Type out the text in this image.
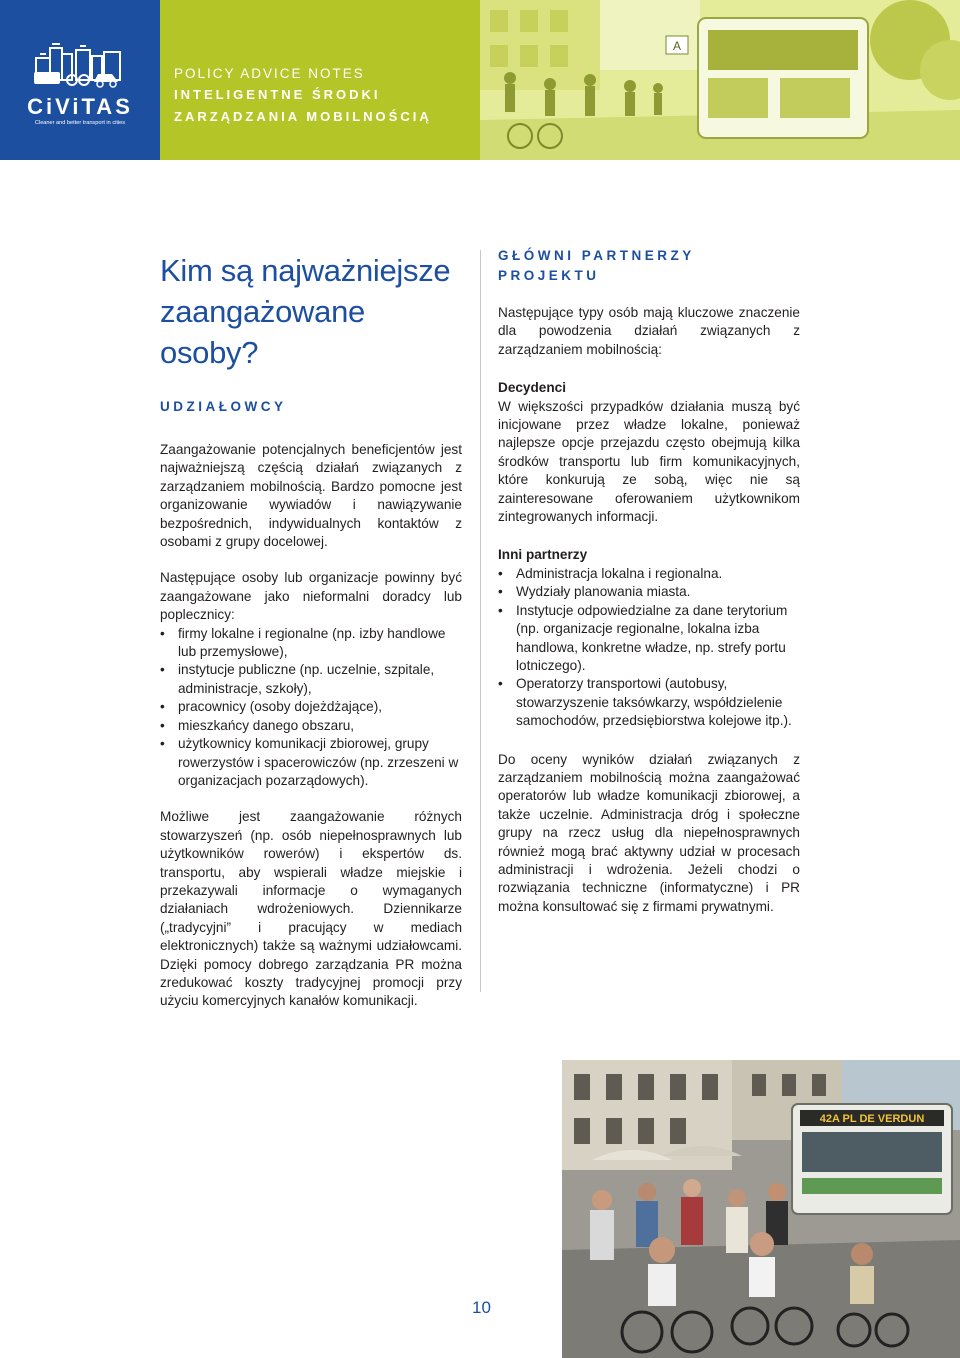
CiViTAS
Cleaner and better transport in cities
POLICY ADVICE NOTES
INTELIGENTNE ŚRODKI
ZARZĄDZANIA MOBILNOŚCIĄ
A
Kim są najważniejsze
zaangażowane
osoby?
UDZIAŁOWCY

Zaangażowanie potencjalnych beneficjentów jest najważniejszą częścią działań związanych z zarządzaniem mobilnością. Bardzo pomocne jest organizowanie wywiadów i nawiązywanie bezpośrednich, indywidualnych kontaktów z osobami z grupy docelowej.

Następujące osoby lub organizacje powinny być zaangażowane jako nieformalni doradcy lub poplecznicy:

• firmy lokalne i regionalne (np. izby handlowe lub przemysłowe),
• instytucje publiczne (np. uczelnie, szpitale, administracje, szkoły),
• pracownicy (osoby dojeżdżające),
• mieszkańcy danego obszaru,
• użytkownicy komunikacji zbiorowej, grupy rowerzystów i spacerowiczów (np. zrzeszeni w organizacjach pozarządowych).

Możliwe jest zaangażowanie różnych stowarzyszeń (np. osób niepełnosprawnych lub użytkowników rowerów) i ekspertów ds. transportu, aby wspierali władze miejskie i przekazywali informacje o wymaganych działaniach wdrożeniowych. Dziennikarze („tradycyjni” i pracujący w mediach elektronicznych) także są ważnymi udziałowcami. Dzięki pomocy dobrego zarządzania PR można zredukować koszty tradycyjnej promocji przy użyciu komercyjnych kanałów komunikacji.

GŁÓWNI PARTNERZY PROJEKTU

Następujące typy osób mają kluczowe znaczenie dla powodzenia działań związanych z zarządzaniem mobilnością:

Decydenci

W większości przypadków działania muszą być inicjowane przez władze lokalne, ponieważ najlepsze opcje przejazdu często obejmują kilka środków transportu lub firm komunikacyjnych, które konkurują ze sobą, więc nie są zainteresowane oferowaniem użytkownikom zintegrowanych informacji.

Inni partnerzy
• Administracja lokalna i regionalna.
• Wydziały planowania miasta.
• Instytucje odpowiedzialne za dane terytorium (np. organizacje regionalne, lokalna izba handlowa, konkretne władze, np. strefy portu lotniczego).
• Operatorzy transportowi (autobusy, stowarzyszenie taksówkarzy, współdzielenie samochodów, przedsiębiorstwa kolejowe itp.).

Do oceny wyników działań związanych z zarządzaniem mobilnością można zaangażować operatorów lub władze komunikacji zbiorowej, a także uczelnie. Administracja dróg i społeczne grupy na rzecz usług dla niepełnosprawnych również mogą brać aktywny udział w procesach administracji i wdrożenia. Jeżeli chodzi o rozwiązania techniczne (informatyczne) i PR można konsultować się z firmami prywatnymi.

10
42A PL DE VERDUN
